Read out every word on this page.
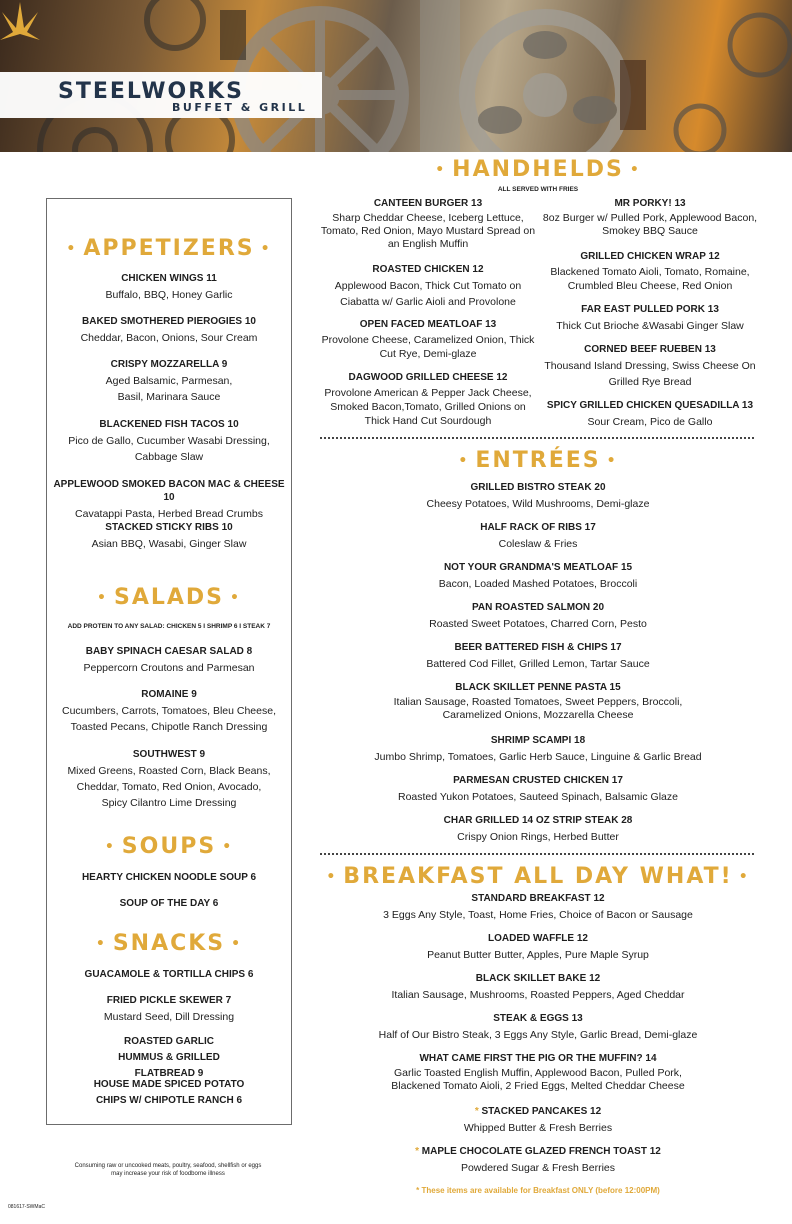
STEELWORKS
BUFFET & GRILL
• HANDHELDS •
ALL SERVED WITH FRIES
CANTEEN BURGER 13
Sharp Cheddar Cheese, Iceberg Lettuce, Tomato, Red Onion, Mayo Mustard Spread on an English Muffin
ROASTED CHICKEN 12
Applewood Bacon, Thick Cut Tomato on Ciabatta w/ Garlic Aioli and Provolone
OPEN FACED MEATLOAF 13
Provolone Cheese, Caramelized Onion, Thick Cut Rye, Demi-glaze
DAGWOOD GRILLED CHEESE 12
Provolone American & Pepper Jack Cheese, Smoked Bacon,Tomato, Grilled Onions on Thick Hand Cut Sourdough
MR PORKY! 13
8oz Burger w/ Pulled Pork, Applewood Bacon, Smokey BBQ Sauce
GRILLED CHICKEN WRAP 12
Blackened Tomato Aioli, Tomato, Romaine, Crumbled Bleu Cheese, Red Onion
FAR EAST PULLED PORK 13
Thick Cut Brioche &Wasabi Ginger Slaw
CORNED BEEF RUEBEN 13
Thousand Island Dressing, Swiss Cheese On Grilled Rye Bread
SPICY GRILLED CHICKEN QUESADILLA 13
Sour Cream, Pico de Gallo
• ENTRÉES •
GRILLED BISTRO STEAK 20
Cheesy Potatoes, Wild Mushrooms, Demi-glaze
HALF RACK OF RIBS 17
Coleslaw & Fries
NOT YOUR GRANDMA'S MEATLOAF 15
Bacon, Loaded Mashed Potatoes, Broccoli
PAN ROASTED SALMON 20
Roasted Sweet Potatoes, Charred Corn, Pesto
BEER BATTERED FISH & CHIPS 17
Battered Cod Fillet, Grilled Lemon, Tartar Sauce
BLACK SKILLET PENNE PASTA 15
Italian Sausage, Roasted Tomatoes, Sweet Peppers, Broccoli, Caramelized Onions, Mozzarella Cheese
SHRIMP SCAMPI 18
Jumbo Shrimp, Tomatoes, Garlic Herb Sauce, Linguine & Garlic Bread
PARMESAN CRUSTED CHICKEN 17
Roasted Yukon Potatoes, Sauteed Spinach, Balsamic Glaze
CHAR GRILLED 14 OZ STRIP STEAK 28
Crispy Onion Rings, Herbed Butter
• BREAKFAST ALL DAY WHAT! •
STANDARD BREAKFAST 12
3 Eggs Any Style, Toast, Home Fries, Choice of Bacon or Sausage
LOADED WAFFLE 12
Peanut Butter Butter, Apples, Pure Maple Syrup
BLACK SKILLET BAKE 12
Italian Sausage, Mushrooms, Roasted Peppers, Aged Cheddar
STEAK & EGGS 13
Half of Our Bistro Steak, 3 Eggs Any Style, Garlic Bread, Demi-glaze
WHAT CAME FIRST THE PIG OR THE MUFFIN? 14
Garlic Toasted English Muffin, Applewood Bacon, Pulled Pork, Blackened Tomato Aioli, 2 Fried Eggs, Melted Cheddar Cheese
* STACKED PANCAKES 12
Whipped Butter & Fresh Berries
* MAPLE CHOCOLATE GLAZED FRENCH TOAST 12
Powdered Sugar & Fresh Berries
* These items are available for Breakfast ONLY (before 12:00PM)
• APPETIZERS •
CHICKEN WINGS 11
Buffalo, BBQ, Honey Garlic
BAKED SMOTHERED PIEROGIES 10
Cheddar, Bacon, Onions, Sour Cream
CRISPY MOZZARELLA 9
Aged Balsamic, Parmesan, Basil, Marinara Sauce
BLACKENED FISH TACOS 10
Pico de Gallo, Cucumber Wasabi Dressing, Cabbage Slaw
APPLEWOOD SMOKED BACON MAC & CHEESE 10
Cavatappi Pasta, Herbed Bread Crumbs
STACKED STICKY RIBS 10
Asian BBQ, Wasabi, Ginger Slaw
• SALADS •
ADD PROTEIN TO ANY SALAD: CHICKEN 5 I SHRIMP 6 I STEAK 7
BABY SPINACH CAESAR SALAD 8
Peppercorn Croutons and Parmesan
ROMAINE 9
Cucumbers, Carrots, Tomatoes, Bleu Cheese, Toasted Pecans, Chipotle Ranch Dressing
SOUTHWEST 9
Mixed Greens, Roasted Corn, Black Beans, Cheddar, Tomato, Red Onion, Avocado, Spicy Cilantro Lime Dressing
• SOUPS •
HEARTY CHICKEN NOODLE SOUP 6
SOUP OF THE DAY 6
• SNACKS •
GUACAMOLE & TORTILLA CHIPS 6
FRIED PICKLE SKEWER 7
Mustard Seed, Dill Dressing
ROASTED GARLIC HUMMUS & GRILLED FLATBREAD 9
HOUSE MADE SPICED POTATO CHIPS W/ CHIPOTLE RANCH 6
Consuming raw or uncooked meats, poultry, seafood, shellfish or eggs may increase your risk of foodborne illness
081617-SWMaC
